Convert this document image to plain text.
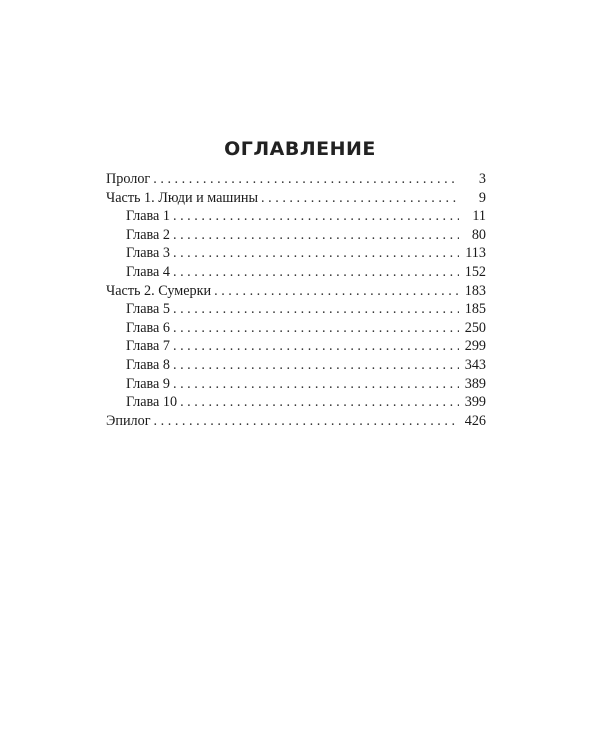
ОГЛАВЛЕНИЕ
Пролог . . .	3
Часть 1. Люди и машины . . .	9
Глава 1 . . .	11
Глава 2 . . .	80
Глава 3 . . .	113
Глава 4 . . .	152
Часть 2. Сумерки . . .	183
Глава 5 . . .	185
Глава 6 . . .	250
Глава 7 . . .	299
Глава 8 . . .	343
Глава 9 . . .	389
Глава 10 . . .	399
Эпилог . . .	426
